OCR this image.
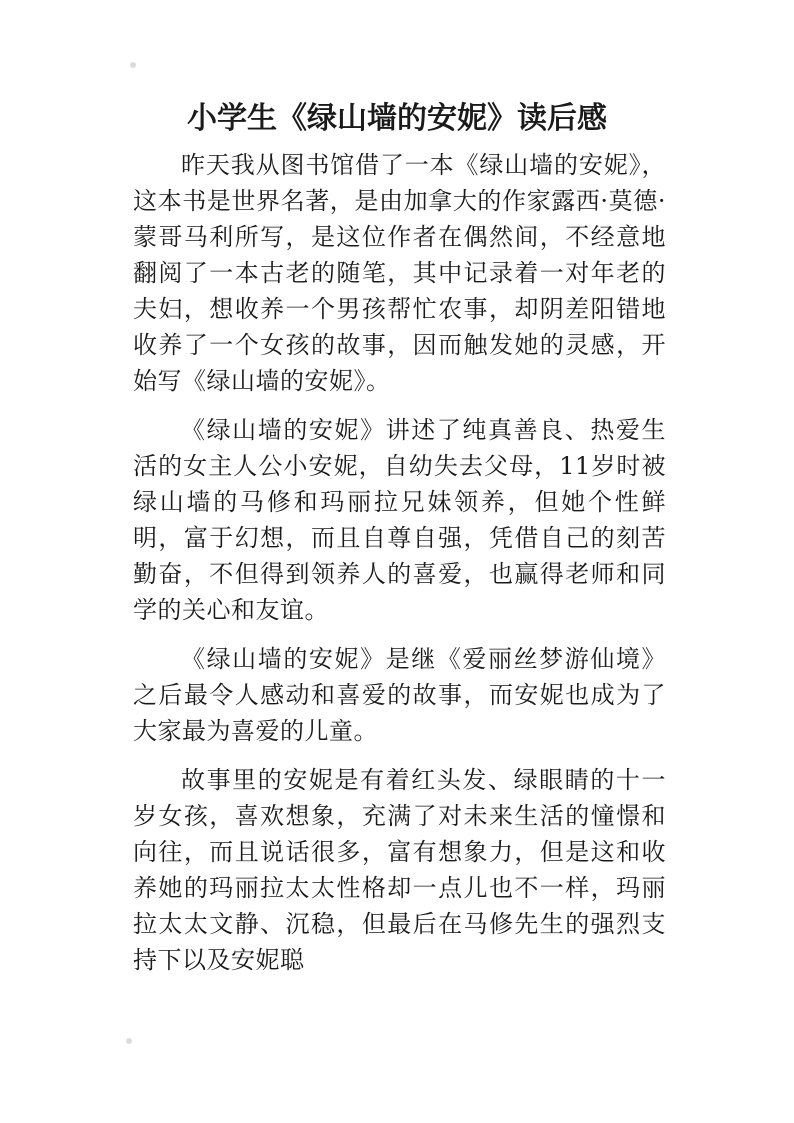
小学生《绿山墙的安妮》读后感

昨天我从图书馆借了一本《绿山墙的安妮》，这本书是世界名著，是由加拿大的作家露西·莫德·蒙哥马利所写，是这位作者在偶然间，不经意地翻阅了一本古老的随笔，其中记录着一对年老的夫妇，想收养一个男孩帮忙农事，却阴差阳错地收养了一个女孩的故事，因而触发她的灵感，开始写《绿山墙的安妮》。

《绿山墙的安妮》讲述了纯真善良、热爱生活的女主人公小安妮，自幼失去父母，11岁时被绿山墙的马修和玛丽拉兄妹领养，但她个性鲜明，富于幻想，而且自尊自强，凭借自己的刻苦勤奋，不但得到领养人的喜爱，也赢得老师和同学的关心和友谊。

《绿山墙的安妮》是继《爱丽丝梦游仙境》之后最令人感动和喜爱的故事，而安妮也成为了大家最为喜爱的儿童。

故事里的安妮是有着红头发、绿眼睛的十一岁女孩，喜欢想象，充满了对未来生活的憧憬和向往，而且说话很多，富有想象力，但是这和收养她的玛丽拉太太性格却一点儿也不一样，玛丽拉太太文静、沉稳，但最后在马修先生的强烈支持下以及安妮聪
